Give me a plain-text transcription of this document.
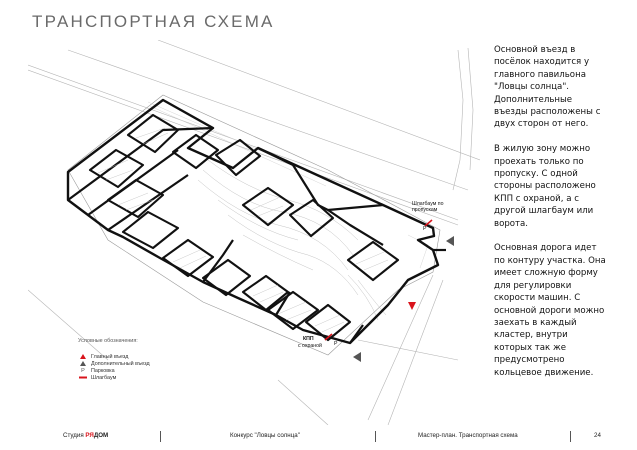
ТРАНСПОРТНАЯ СХЕМА
P
P
Шлагбаум по
пропускам
КПП
с охраной

Основной въезд в посёлок находится у главного павильона "Ловцы солнца". Дополнительные въезды расположены с двух сторон от него.

В жилую зону можно проехать только по пропуску. С одной стороны расположено КПП с охраной, а с другой шлагбаум или ворота.

Основная дорога идет по контуру участка. Она имеет сложную форму для регулировки скорости машин. С основной дороги можно заехать в каждый кластер, внутри которых так же предусмотрено кольцевое движение.

Условные обозначения:
Главный въезд
Дополнительный въезд
P	Парковка
Шлагбаум
Студия РЯДОМ	Конкурс "Ловцы солнца"	Мастер-план. Транспортная схема	24
